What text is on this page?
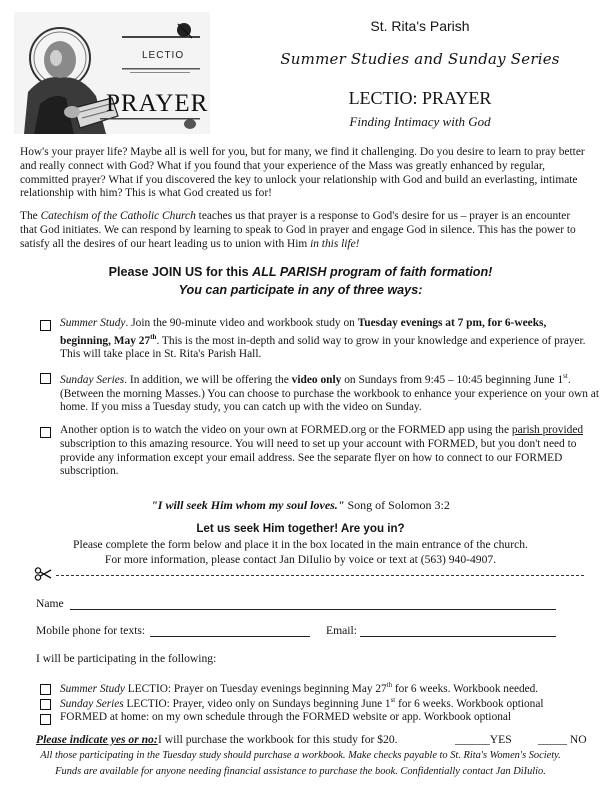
LECTIO
PRAYER
St. Rita's Parish
Summer Studies and Sunday Series
LECTIO: PRAYER
Finding Intimacy with God

How's your prayer life? Maybe all is well for you, but for many, we find it challenging. Do you desire to learn to pray better and really connect with God? What if you found that your experience of the Mass was greatly enhanced by regular, committed prayer? What if you discovered the key to unlock your relationship with God and build an everlasting, intimate relationship with him? This is what God created us for!

The Catechism of the Catholic Church teaches us that prayer is a response to God's desire for us – prayer is an encounter that God initiates. We can respond by learning to speak to God in prayer and engage God in silence. This has the power to satisfy all the desires of our heart leading us to union with Him in this life!

Please JOIN US for this ALL PARISH program of faith formation!
You can participate in any of three ways:

Summer Study. Join the 90-minute video and workbook study on Tuesday evenings at 7 pm, for 6-weeks, beginning, May 27th. This is the most in-depth and solid way to grow in your knowledge and experience of prayer. This will take place in St. Rita's Parish Hall.

Sunday Series. In addition, we will be offering the video only on Sundays from 9:45 – 10:45 beginning June 1st. (Between the morning Masses.) You can choose to purchase the workbook to enhance your experience on your own at home. If you miss a Tuesday study, you can catch up with the video on Sunday.

Another option is to watch the video on your own at FORMED.org or the FORMED app using the parish provided subscription to this amazing resource. You will need to set up your account with FORMED, but you don't need to provide any information except your email address. See the separate flyer on how to connect to our FORMED subscription.

"I will seek Him whom my soul loves." Song of Solomon 3:2
Let us seek Him together! Are you in?
Please complete the form below and place it in the box located in the main entrance of the church.
For more information, please contact Jan DiIulio by voice or text at (563) 940-4907.
Name
Mobile phone for texts:	Email:
I will be participating in the following:
Summer Study LECTIO: Prayer on Tuesday evenings beginning May 27th for 6 weeks. Workbook needed.
Sunday Series LECTIO: Prayer, video only on Sundays beginning June 1st for 6 weeks. Workbook optional
FORMED at home: on my own schedule through the FORMED website or app. Workbook optional
Please indicate yes or no: I will purchase the workbook for this study for $20.	______YES _____ NO
All those participating in the Tuesday study should purchase a workbook. Make checks payable to St. Rita's Women's Society.
Funds are available for anyone needing financial assistance to purchase the book. Confidentially contact Jan DiIulio.
